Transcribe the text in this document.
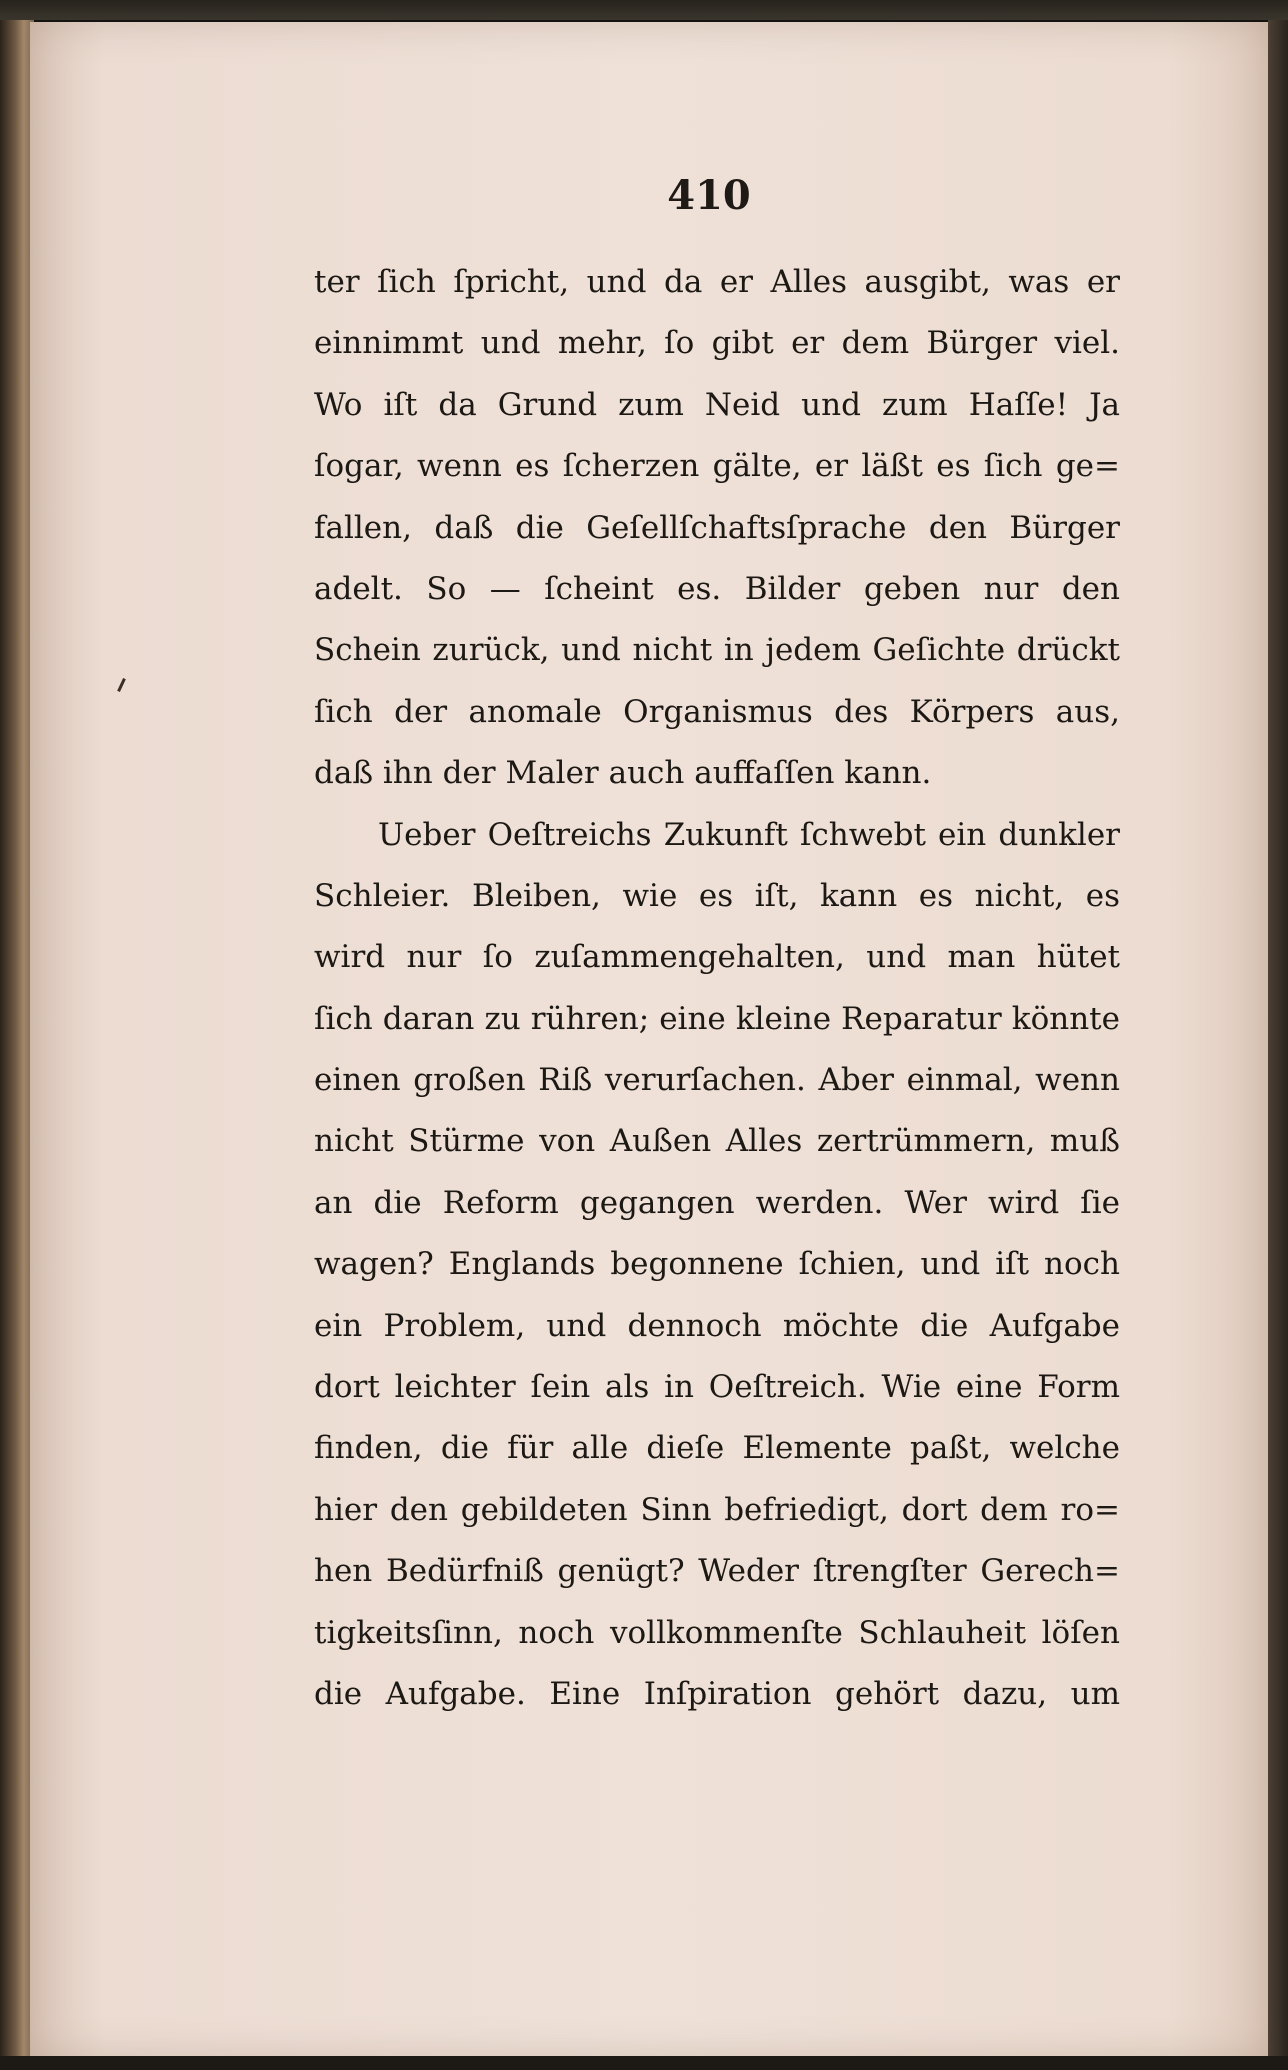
410
ter ſich ſpricht, und da er Alles ausgibt, was er
einnimmt und mehr, ſo gibt er dem Bürger viel.
Wo iſt da Grund zum Neid und zum Haſſe! Ja
ſogar, wenn es ſcherzen gälte, er läßt es ſich ge=
fallen, daß die Geſellſchaftsſprache den Bürger
adelt. So — ſcheint es. Bilder geben nur den
Schein zurück, und nicht in jedem Geſichte drückt
ſich der anomale Organismus des Körpers aus,
daß ihn der Maler auch auffaſſen kann.
Ueber Oeſtreichs Zukunft ſchwebt ein dunkler
Schleier. Bleiben, wie es iſt, kann es nicht, es
wird nur ſo zuſammengehalten, und man hütet
ſich daran zu rühren; eine kleine Reparatur könnte
einen großen Riß verurſachen. Aber einmal, wenn
nicht Stürme von Außen Alles zertrümmern, muß
an die Reform gegangen werden. Wer wird ſie
wagen? Englands begonnene ſchien, und iſt noch
ein Problem, und dennoch möchte die Aufgabe
dort leichter ſein als in Oeſtreich. Wie eine Form
finden, die für alle dieſe Elemente paßt, welche
hier den gebildeten Sinn befriedigt, dort dem ro=
hen Bedürfniß genügt? Weder ſtrengſter Gerech=
tigkeitsſinn, noch vollkommenſte Schlauheit löſen
die Aufgabe. Eine Inſpiration gehört dazu, um
